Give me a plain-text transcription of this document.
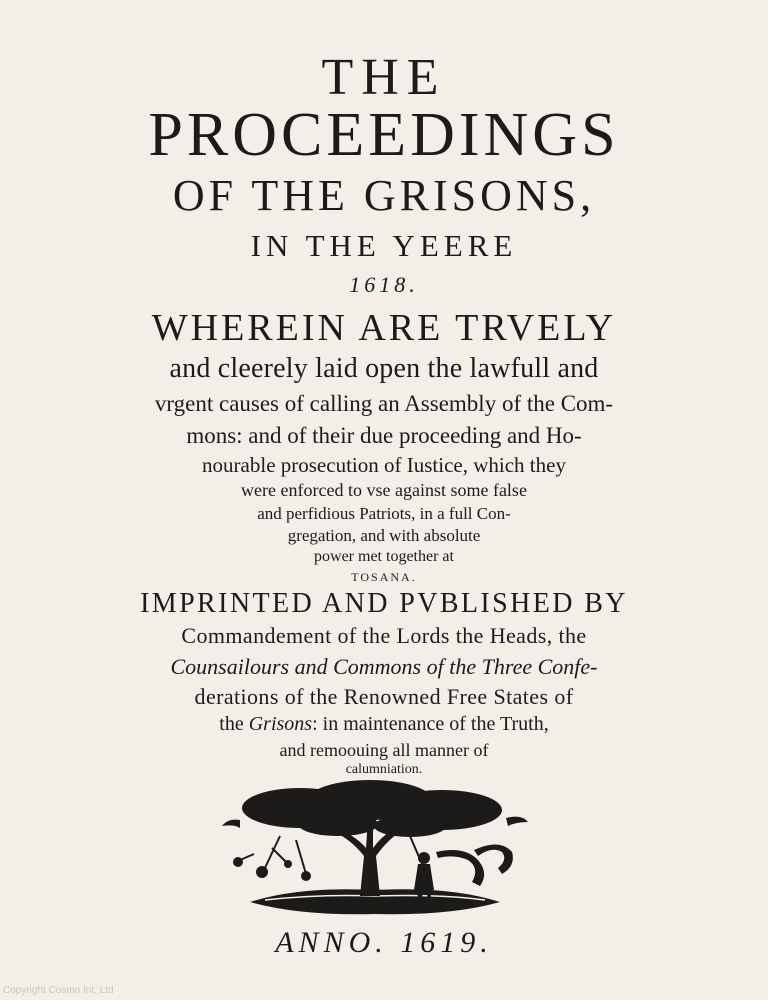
THE
PROCEEDINGS
OF THE GRISONS,
IN THE YEERE
1618.
WHEREIN ARE TRVELY
and cleerely laid open the lawfull and
vrgent causes of calling an Assembly of the Com-
mons: and of their due proceeding and Ho-
nourable prosecution of Iustice, which they
were enforced to vse against some false
and perfidious Patriots, in a full Con-
gregation, and with absolute
power met together at
TOSANA.
IMPRINTED AND PVBLISHED BY
Commandement of the Lords the Heads, the
Counsailours and Commons of the Three Confe-
derations of the Renowned Free States of
the Grisons: in maintenance of the Truth,
and remoouing all manner of
calumniation.
ANNO. 1619.
Copyright Cosmo Int. Ltd
